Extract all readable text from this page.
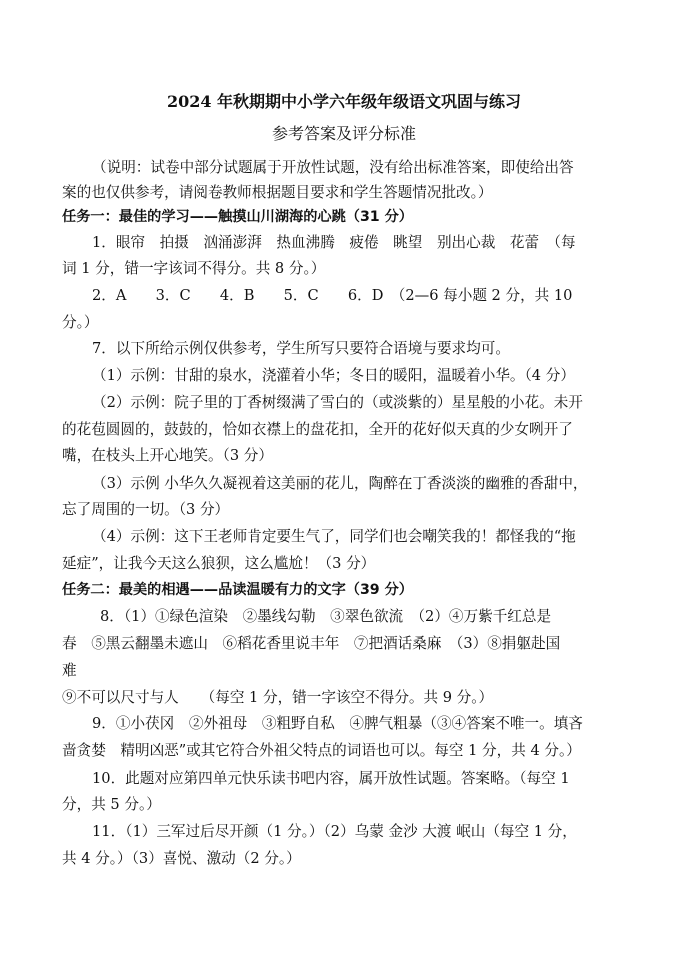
2024 年秋期期中小学六年级年级语文巩固与练习
参考答案及评分标准
（说明：试卷中部分试题属于开放性试题，没有给出标准答案，即使给出答
案的也仅供参考，请阅卷教师根据题目要求和学生答题情况批改。）
任务一：最佳的学习——触摸山川湖海的心跳（31 分）
1．眼帘　拍摄　汹涌澎湃　热血沸腾　疲倦　眺望　别出心裁　花蕾　（每
词 1 分，错一字该词不得分。共 8 分。）
2．A　　3．C　　4．B　　5．C　　6．D　（2—6 每小题 2 分，共 10
分。）
7．以下所给示例仅供参考，学生所写只要符合语境与要求均可。
（1）示例：甘甜的泉水，浇灌着小华；冬日的暖阳，温暖着小华。（4 分）
（2）示例：院子里的丁香树缀满了雪白的（或淡紫的）星星般的小花。未开
的花苞圆圆的，鼓鼓的，恰如衣襟上的盘花扣，全开的花好似天真的少女咧开了
嘴，在枝头上开心地笑。（3 分）
（3）示例 小华久久凝视着这美丽的花儿，陶醉在丁香淡淡的幽雅的香甜中，
忘了周围的一切。（3 分）
（4）示例：这下王老师肯定要生气了，同学们也会嘲笑我的！都怪我的“拖
延症”，让我今天这么狼狈，这么尴尬！（3 分）
任务二：最美的相遇——品读温暖有力的文字（39 分）
8．（1）①绿色渲染　②墨线勾勒　③翠色欲流　（2）④万紫千红总是
春　⑤黑云翻墨未遮山　⑥稻花香里说丰年　⑦把酒话桑麻　（3）⑧捐躯赴国
难
⑨不可以尺寸与人　　（每空 1 分，错一字该空不得分。共 9 分。）
9．①小茯冈　②外祖母　③粗野自私　④脾气粗暴（③④答案不唯一。填吝
啬贪婪　精明凶恶”或其它符合外祖父特点的词语也可以。每空 1 分，共 4 分。）
10．此题对应第四单元快乐读书吧内容，属开放性试题。答案略。（每空 1
分，共 5 分。）
11．（1）三军过后尽开颜（1 分。）（2）乌蒙 金沙 大渡 岷山（每空 1 分，
共 4 分。）（3）喜悦、激动（2 分。）
